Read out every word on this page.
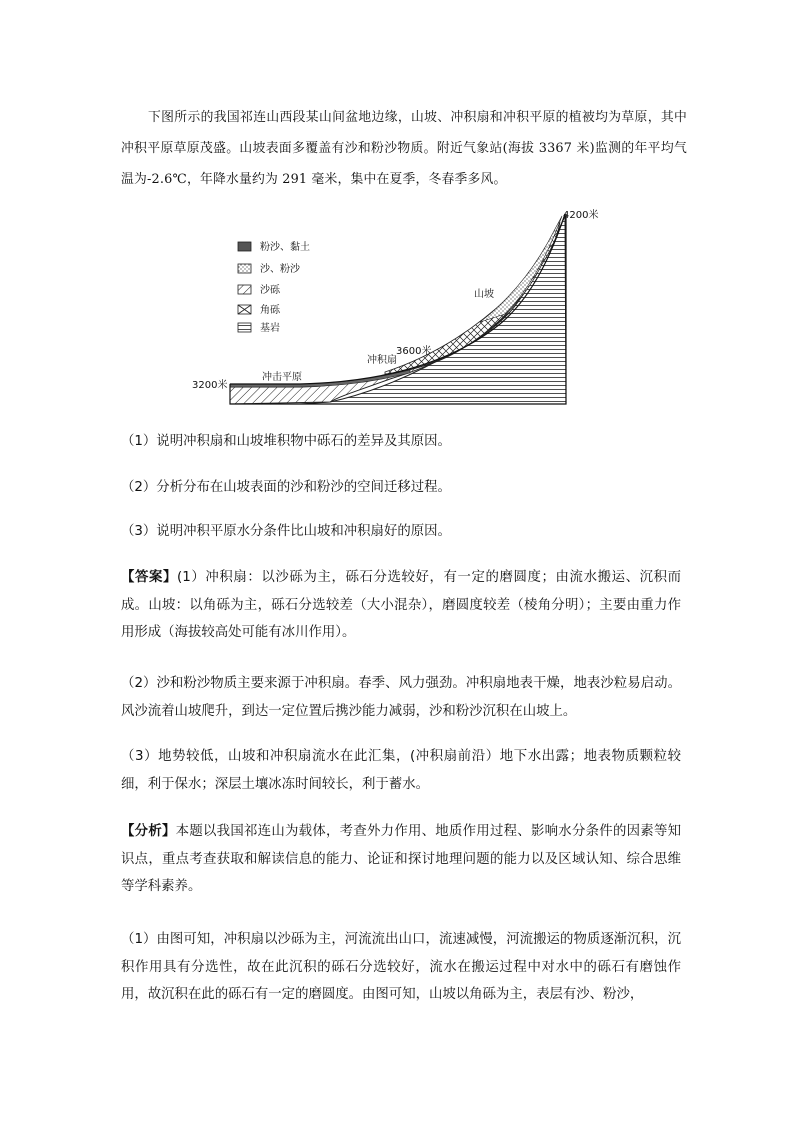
下图所示的我国祁连山西段某山间盆地边缘，山坡、冲积扇和冲积平原的植被均为草原，其中冲积平原草原茂盛。山坡表面多覆盖有沙和粉沙物质。附近气象站(海拔 3367 米)监测的年平均气温为-2.6℃，年降水量约为 291 毫米，集中在夏季，冬春季多风。

粉沙、黏土
沙、粉沙
沙砾
角砾
基岩
4200米
山坡
3600米
冲积扇
冲击平原
3200米

（1）说明冲积扇和山坡堆积物中砾石的差异及其原因。

（2）分析分布在山坡表面的沙和粉沙的空间迁移过程。

（3）说明冲积平原水分条件比山坡和冲积扇好的原因。

【答案】(1）冲积扇：以沙砾为主，砾石分选较好，有一定的磨圆度；由流水搬运、沉积而成。山坡：以角砾为主，砾石分选较差（大小混杂），磨圆度较差（棱角分明）；主要由重力作用形成（海拔较高处可能有冰川作用）。

（2）沙和粉沙物质主要来源于冲积扇。春季、风力强劲。冲积扇地表干燥，地表沙粒易启动。风沙流着山坡爬升，到达一定位置后携沙能力减弱，沙和粉沙沉积在山坡上。

（3）地势较低，山坡和冲积扇流水在此汇集，(冲积扇前沿）地下水出露；地表物质颗粒较细，利于保水；深层土壤冰冻时间较长，利于蓄水。

【分析】本题以我国祁连山为载体，考查外力作用、地质作用过程、影响水分条件的因素等知识点，重点考查获取和解读信息的能力、论证和探讨地理问题的能力以及区域认知、综合思维等学科素养。

（1）由图可知，冲积扇以沙砾为主，河流流出山口，流速减慢，河流搬运的物质逐渐沉积，沉积作用具有分选性，故在此沉积的砾石分选较好，流水在搬运过程中对水中的砾石有磨蚀作用，故沉积在此的砾石有一定的磨圆度。由图可知，山坡以角砾为主，表层有沙、粉沙，
